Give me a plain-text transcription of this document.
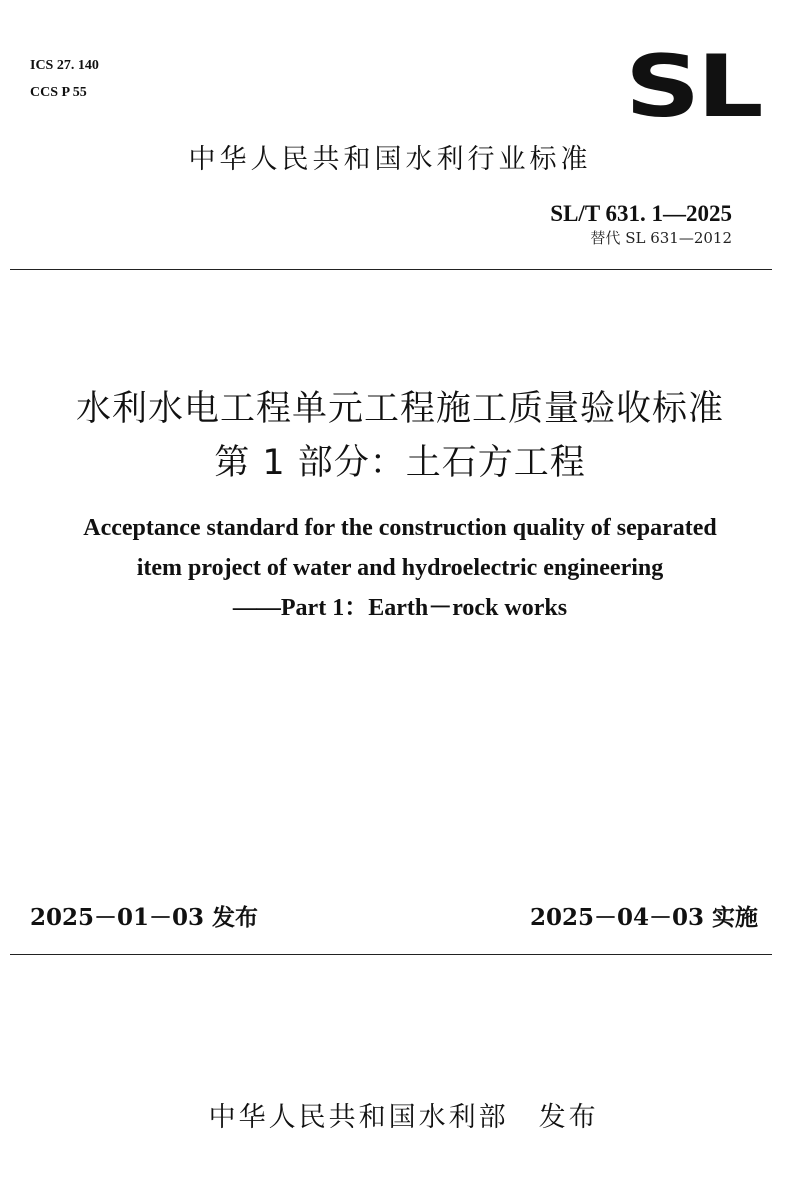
ICS 27. 140
CCS P 55	SL
中华人民共和国水利行业标准
SL/T 631. 1—2025
替代 SL 631—2012
水利水电工程单元工程施工质量验收标准
第 1 部分：土石方工程
Acceptance standard for the construction quality of separated
item project of water and hydroelectric engineering
——Part 1：Earth－rock works
2025－01－03 发布	2025－04－03 实施

中华人民共和国水利部　发布
